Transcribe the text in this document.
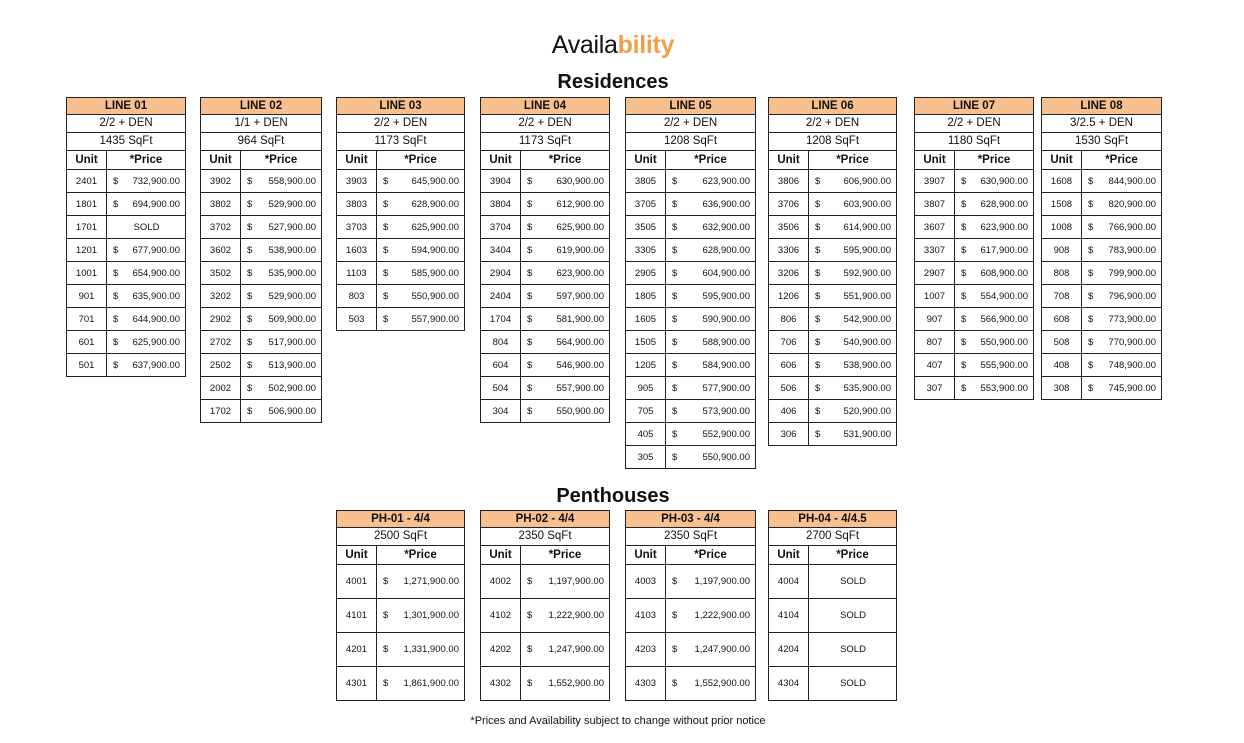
Availability
Residences
Penthouses
LINE 01
2/2 + DEN
1435 SqFt
Unit	*Price
2401	$	732,900.00
1801	$	694,900.00
1701	SOLD
1201	$	677,900.00
1001	$	654,900.00
901	$	635,900.00
701	$	644,900.00
601	$	625,900.00
501	$	637,900.00
LINE 02
1/1 + DEN
964 SqFt
Unit	*Price
3902	$	558,900.00
3802	$	529,900.00
3702	$	527,900.00
3602	$	538,900.00
3502	$	535,900.00
3202	$	529,900.00
2902	$	509,900.00
2702	$	517,900.00
2502	$	513,900.00
2002	$	502,900.00
1702	$	506,900.00
LINE 03
2/2 + DEN
1173 SqFt
Unit	*Price
3903	$	645,900.00
3803	$	628,900.00
3703	$	625,900.00
1603	$	594,900.00
1103	$	585,900.00
803	$	550,900.00
503	$	557,900.00
LINE 04
2/2 + DEN
1173 SqFt
Unit	*Price
3904	$	630,900.00
3804	$	612,900.00
3704	$	625,900.00
3404	$	619,900.00
2904	$	623,900.00
2404	$	597,900.00
1704	$	581,900.00
804	$	564,900.00
604	$	546,900.00
504	$	557,900.00
304	$	550,900.00
LINE 05
2/2 + DEN
1208 SqFt
Unit	*Price
3805	$	623,900.00
3705	$	636,900.00
3505	$	632,900.00
3305	$	628,900.00
2905	$	604,900.00
1805	$	595,900.00
1605	$	590,900.00
1505	$	588,900.00
1205	$	584,900.00
905	$	577,900.00
705	$	573,900.00
405	$	552,900.00
305	$	550,900.00
LINE 06
2/2 + DEN
1208 SqFt
Unit	*Price
3806	$	606,900.00
3706	$	603,900.00
3506	$	614,900.00
3306	$	595,900.00
3206	$	592,900.00
1206	$	551,900.00
806	$	542,900.00
706	$	540,900.00
606	$	538,900.00
506	$	535,900.00
406	$	520,900.00
306	$	531,900.00
LINE 07
2/2 + DEN
1180 SqFt
Unit	*Price
3907	$	630,900.00
3807	$	628,900.00
3607	$	623,900.00
3307	$	617,900.00
2907	$	608,900.00
1007	$	554,900.00
907	$	566,900.00
807	$	550,900.00
407	$	555,900.00
307	$	553,900.00
LINE 08
3/2.5 + DEN
1530 SqFt
Unit	*Price
1608	$	844,900.00
1508	$	820,900.00
1008	$	766,900.00
908	$	783,900.00
808	$	799,900.00
708	$	796,900.00
608	$	773,900.00
508	$	770,900.00
408	$	748,900.00
308	$	745,900.00
PH-01 - 4/4
2500 SqFt
Unit	*Price
4001	$	1,271,900.00
4101	$	1,301,900.00
4201	$	1,331,900.00
4301	$	1,861,900.00
PH-02 - 4/4
2350 SqFt
Unit	*Price
4002	$	1,197,900.00
4102	$	1,222,900.00
4202	$	1,247,900.00
4302	$	1,552,900.00
PH-03 - 4/4
2350 SqFt
Unit	*Price
4003	$	1,197,900.00
4103	$	1,222,900.00
4203	$	1,247,900.00
4303	$	1,552,900.00
PH-04 - 4/4.5
2700 SqFt
Unit	*Price
4004	SOLD
4104	SOLD
4204	SOLD
4304	SOLD
*Prices and Availability subject to change without prior notice
